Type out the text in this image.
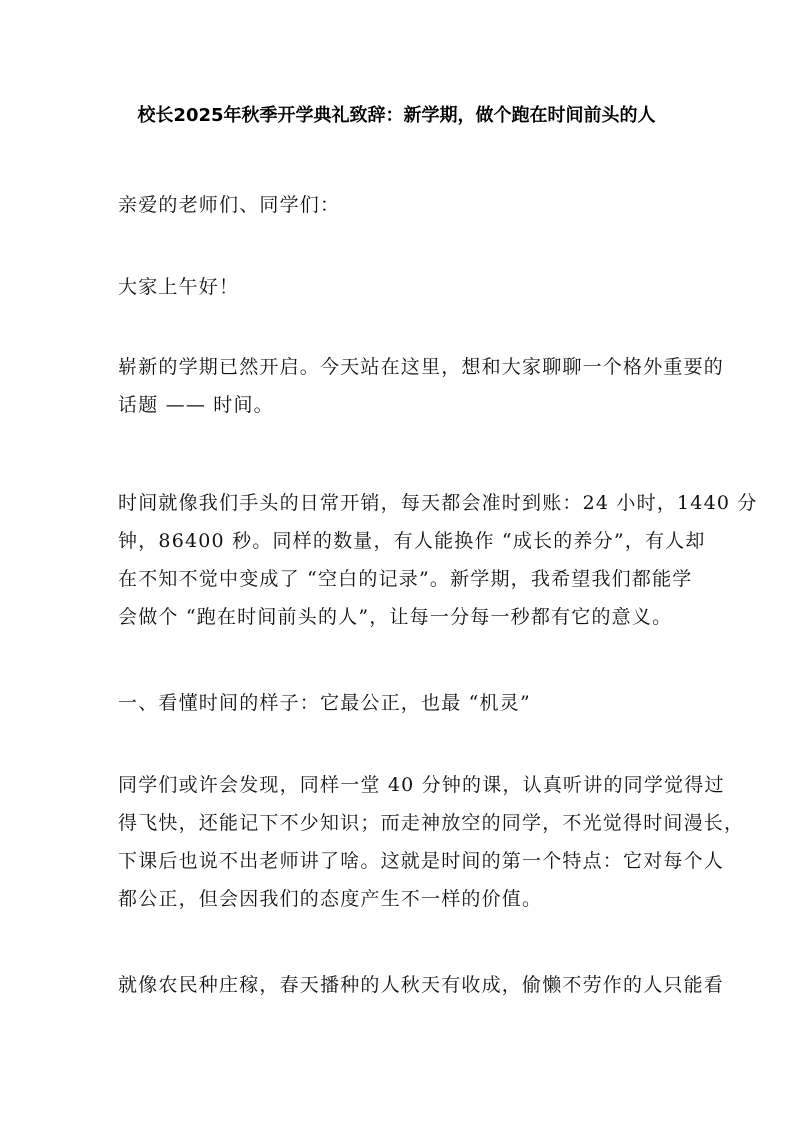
校长2025年秋季开学典礼致辞：新学期，做个跑在时间前头的人
亲爱的老师们、同学们：
大家上午好！
崭新的学期已然开启。今天站在这里，想和大家聊聊一个格外重要的
话题 —— 时间。
时间就像我们手头的日常开销，每天都会准时到账：24 小时，1440 分
钟，86400 秒。同样的数量，有人能换作 “成长的养分”，有人却
在不知不觉中变成了 “空白的记录”。新学期，我希望我们都能学
会做个 “跑在时间前头的人”，让每一分每一秒都有它的意义。
一、看懂时间的样子：它最公正，也最 “机灵”
同学们或许会发现，同样一堂 40 分钟的课，认真听讲的同学觉得过
得飞快，还能记下不少知识；而走神放空的同学，不光觉得时间漫长，
下课后也说不出老师讲了啥。这就是时间的第一个特点：它对每个人
都公正，但会因我们的态度产生不一样的价值。
就像农民种庄稼，春天播种的人秋天有收成，偷懒不劳作的人只能看
